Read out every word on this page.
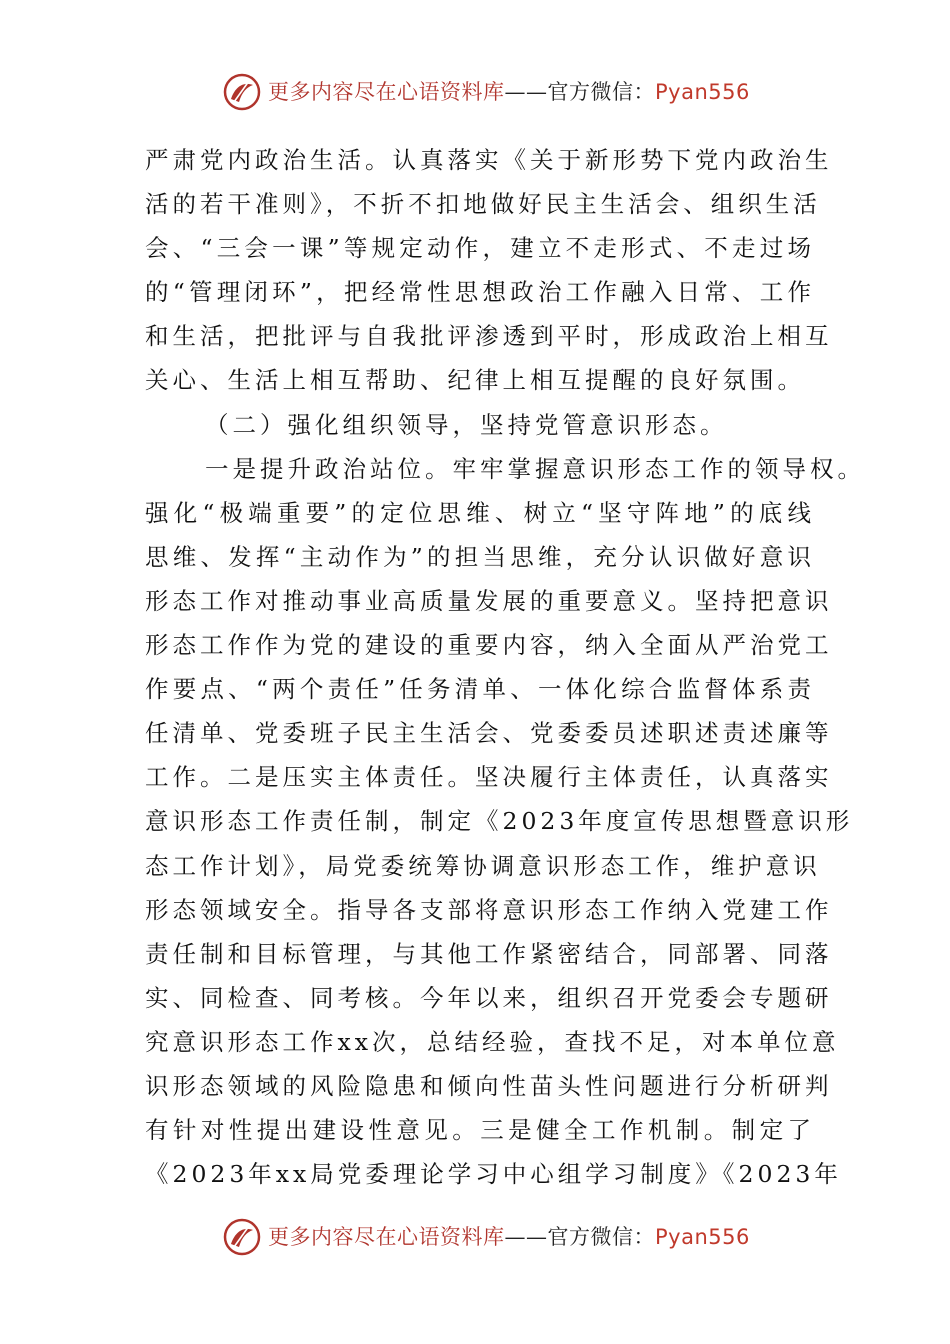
更多内容尽在心语资料库——官方微信：Pyan556
严肃党内政治生活。认真落实《关于新形势下党内政治生
活的若干准则》，不折不扣地做好民主生活会、组织生活
会、“三会一课”等规定动作，建立不走形式、不走过场
的“管理闭环”，把经常性思想政治工作融入日常、工作
和生活，把批评与自我批评渗透到平时，形成政治上相互
关心、生活上相互帮助、纪律上相互提醒的良好氛围。
（二）强化组织领导，坚持党管意识形态。
一是提升政治站位。牢牢掌握意识形态工作的领导权。
强化“极端重要”的定位思维、树立“坚守阵地”的底线
思维、发挥“主动作为”的担当思维，充分认识做好意识
形态工作对推动事业高质量发展的重要意义。坚持把意识
形态工作作为党的建设的重要内容，纳入全面从严治党工
作要点、“两个责任”任务清单、一体化综合监督体系责
任清单、党委班子民主生活会、党委委员述职述责述廉等
工作。二是压实主体责任。坚决履行主体责任，认真落实
意识形态工作责任制，制定《2023年度宣传思想暨意识形
态工作计划》，局党委统筹协调意识形态工作，维护意识
形态领域安全。指导各支部将意识形态工作纳入党建工作
责任制和目标管理，与其他工作紧密结合，同部署、同落
实、同检查、同考核。今年以来，组织召开党委会专题研
究意识形态工作xx次，总结经验，查找不足，对本单位意
识形态领域的风险隐患和倾向性苗头性问题进行分析研判
有针对性提出建设性意见。三是健全工作机制。制定了
《2023年xx局党委理论学习中心组学习制度》《2023年
更多内容尽在心语资料库——官方微信：Pyan556
